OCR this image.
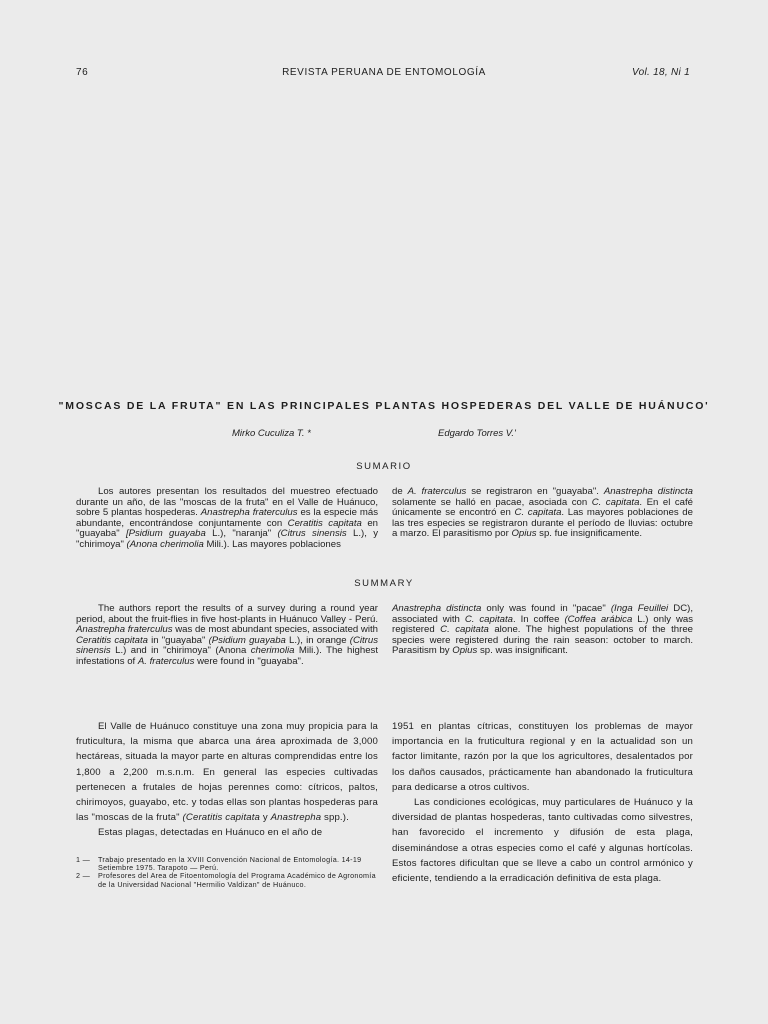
76	REVISTA PERUANA DE ENTOMOLOGÍA	Vol. 18, Ni 1
"MOSCAS DE LA FRUTA" EN LAS PRINCIPALES PLANTAS HOSPEDERAS DEL VALLE DE HUÁNUCO'
Mirko Cuculiza T. *	Edgardo Torres V.'
SUMARIO

Los autores presentan los resultados del muestreo efectuado durante un año, de las "moscas de la fruta" en el Valle de Huánuco, sobre 5 plantas hospederas. Anastrepha fraterculus es la especie más abundante, encontrándose conjuntamente con Ceratitis capitata en "guayaba" [Psidium guayaba L.), "naranja" (Citrus sinensis L.), y "chirimoya" (Anona cherimolia Mili.). Las mayores poblaciones

de A. fraterculus se registraron en "guayaba". Anastrepha distincta solamente se halló en pacae, asociada con C. capitata. En el café únicamente se encontró en C. capitata. Las mayores poblaciones de las tres especies se registraron durante el período de lluvias: octubre a marzo. El parasitismo por Opius sp. fue insignificamente.

SUMMARY

The authors report the results of a survey during a round year period, about the fruit-flies in five host-plants in Huánuco Valley - Perú. Anastrepha fraterculus was de most abundant species, associated with Ceratitis capitata in "guayaba" (Psidium guayaba L.), in orange (Citrus sinensis L.) and in "chirimoya" (Anona cherimolia Mili.). The highest infestations of A. fraterculus were found in "guayaba".

Anastrepha distincta only was found in "pacae" (Inga Feuillei DC), associated with C. capitata. In coffee (Coffea arábica L.) only was registered C. capitata alone. The highest populations of the three species were registered during the rain season: october to march. Parasitism by Opius sp. was insignificant.

El Valle de Huánuco constituye una zona muy propicia para la fruticultura, la misma que abarca una área aproximada de 3,000 hectáreas, situada la mayor parte en alturas comprendidas entre los 1,800 a 2,200 m.s.n.m. En general las especies cultivadas pertenecen a frutales de hojas perennes como: cítricos, paltos, chirimoyos, guayabo, etc. y todas ellas son plantas hospederas para las "moscas de la fruta" (Ceratitis capitata y Anastrepha spp.).

Estas plagas, detectadas en Huánuco en el año de

1951 en plantas cítricas, constituyen los problemas de mayor importancia en la fruticultura regional y en la actualidad son un factor limitante, razón por la que los agricultores, desalentados por los daños causados, prácticamente han abandonado la fruticultura para dedicarse a otros cultivos.

Las condiciones ecológicas, muy particulares de Huánuco y la diversidad de plantas hospederas, tanto cultivadas como silvestres, han favorecido el incremento y difusión de esta plaga, diseminándose a otras especies como el café y algunas hortícolas. Estos factores dificultan que se lleve a cabo un control armónico y eficiente, tendiendo a la erradicación definitiva de esta plaga.

1 —	Trabajo presentado en la XVIII Convención Nacional de Entomología. 14-19 Setiembre 1975. Tarapoto — Perú.
2 —	Profesores del Area de Fitoentomología del Programa Académico de Agronomía de la Universidad Nacional "Hermilio Valdizan" de Huánuco.
